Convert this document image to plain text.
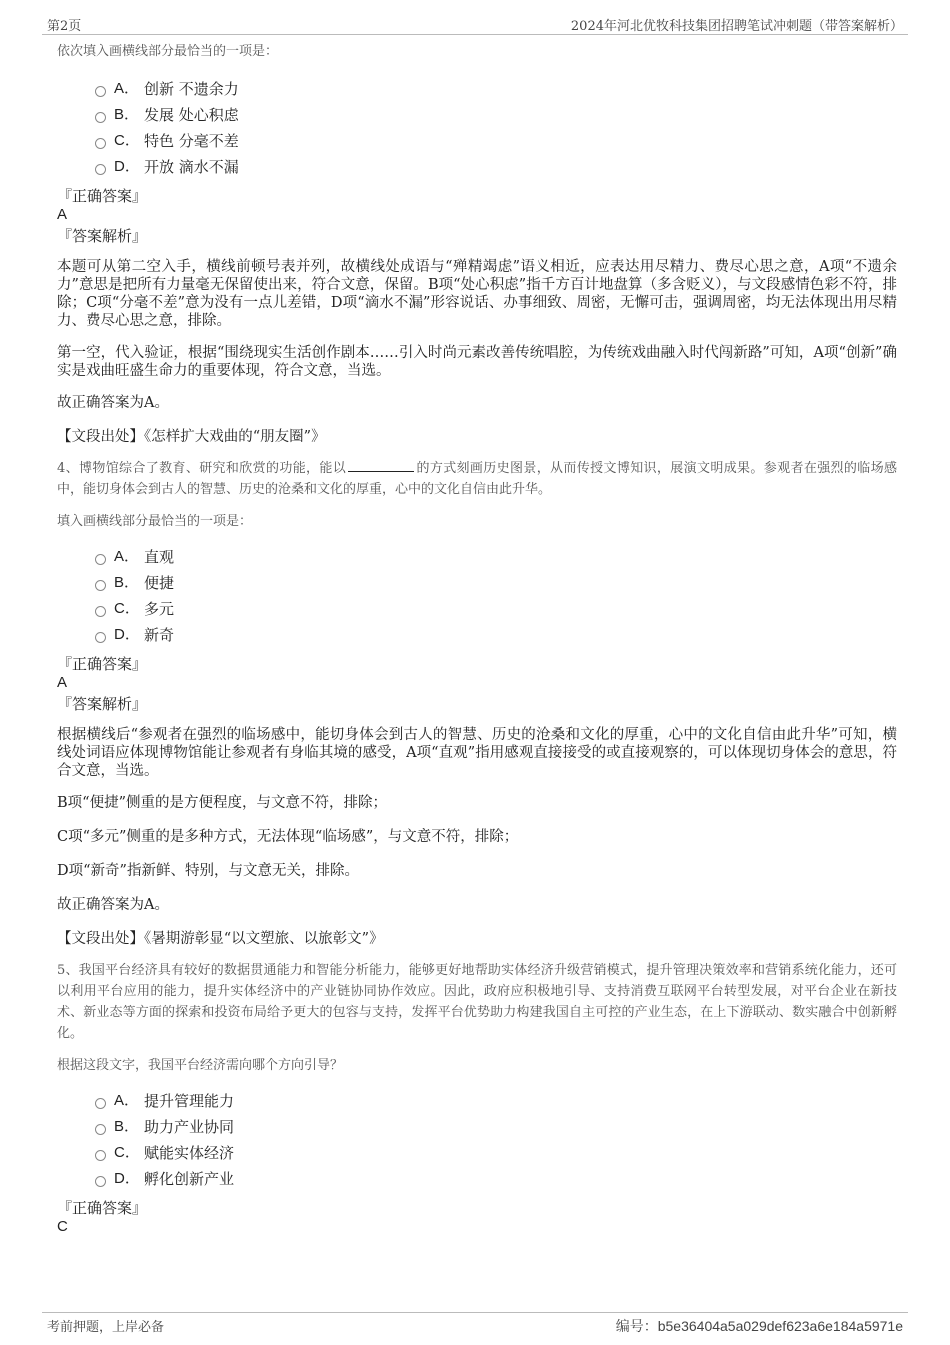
第2页	2024年河北优牧科技集团招聘笔试冲刺题（带答案解析）
依次填入画横线部分最恰当的一项是：
A． 创新 不遗余力
B． 发展 处心积虑
C． 特色 分毫不差
D． 开放 滴水不漏
『正确答案』
A
『答案解析』
本题可从第二空入手，横线前顿号表并列，故横线处成语与“殚精竭虑”语义相近，应表达用尽精力、费尽心思之意，A项“不遗余力”意思是把所有力量毫无保留使出来，符合文意，保留。B项“处心积虑”指千方百计地盘算（多含贬义），与文段感情色彩不符，排除；C项“分毫不差”意为没有一点儿差错，D项“滴水不漏”形容说话、办事细致、周密，无懈可击，强调周密，均无法体现出用尽精力、费尽心思之意，排除。
第一空，代入验证，根据“围绕现实生活创作剧本……引入时尚元素改善传统唱腔，为传统戏曲融入时代闯新路”可知，A项“创新”确实是戏曲旺盛生命力的重要体现，符合文意，当选。
故正确答案为A。
【文段出处】《怎样扩大戏曲的“朋友圈”》
4、博物馆综合了教育、研究和欣赏的功能，能以	的方式刻画历史图景，从而传授文博知识，展演文明成果。参观者在强烈的临场感中，能切身体会到古人的智慧、历史的沧桑和文化的厚重，心中的文化自信由此升华。
填入画横线部分最恰当的一项是：
A． 直观
B． 便捷
C． 多元
D． 新奇
『正确答案』
A
『答案解析』
根据横线后“参观者在强烈的临场感中，能切身体会到古人的智慧、历史的沧桑和文化的厚重，心中的文化自信由此升华”可知，横线处词语应体现博物馆能让参观者有身临其境的感受，A项“直观”指用感观直接接受的或直接观察的，可以体现切身体会的意思，符合文意，当选。
B项“便捷”侧重的是方便程度，与文意不符，排除；
C项“多元”侧重的是多种方式，无法体现“临场感”，与文意不符，排除；
D项“新奇”指新鲜、特别，与文意无关，排除。
故正确答案为A。
【文段出处】《暑期游彰显“以文塑旅、以旅彰文”》
5、我国平台经济具有较好的数据贯通能力和智能分析能力，能够更好地帮助实体经济升级营销模式，提升管理决策效率和营销系统化能力，还可以利用平台应用的能力，提升实体经济中的产业链协同协作效应。因此，政府应积极地引导、支持消费互联网平台转型发展，对平台企业在新技术、新业态等方面的探索和投资布局给予更大的包容与支持，发挥平台优势助力构建我国自主可控的产业生态，在上下游联动、数实融合中创新孵化。
根据这段文字，我国平台经济需向哪个方向引导？
A． 提升管理能力
B． 助力产业协同
C． 赋能实体经济
D． 孵化创新产业
『正确答案』
C
考前押题，上岸必备	编号：b5e36404a5a029def623a6e184a5971e
